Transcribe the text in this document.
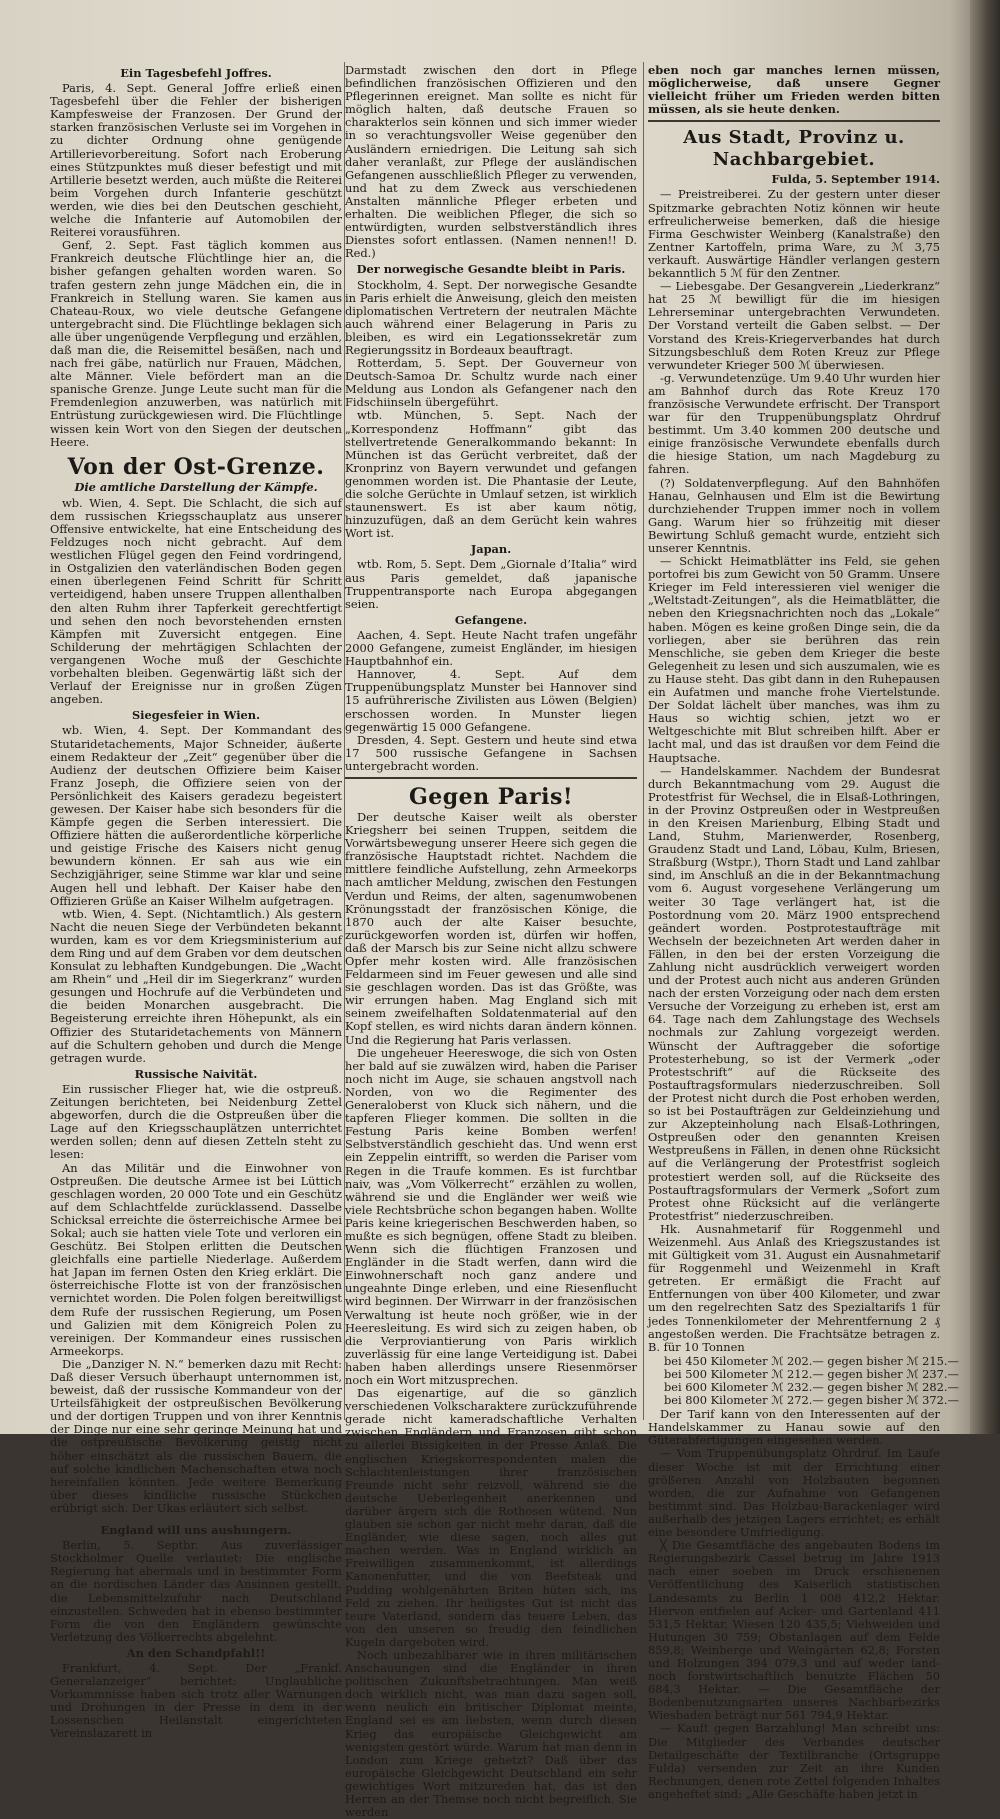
Ein Tagesbefehl Joffres.

Paris, 4. Sept. General Joffre erließ einen Tagesbefehl über die Fehler der bisherigen Kampfesweise der Franzosen. Der Grund der starken französischen Verluste sei im Vorgehen in zu dichter Ordnung ohne genügende Artillerievorbereitung. Sofort nach Eroberung eines Stützpunktes muß dieser befestigt und mit Artillerie besetzt werden, auch müßte die Reiterei beim Vorgehen durch Infanterie geschützt werden, wie dies bei den Deutschen geschieht, welche die Infanterie auf Automobilen der Reiterei vorausführen.

Genf, 2. Sept. Fast täglich kommen aus Frankreich deutsche Flüchtlinge hier an, die bisher gefangen gehalten worden waren. So trafen gestern zehn junge Mädchen ein, die in Frankreich in Stellung waren. Sie kamen aus Chateau-Roux, wo viele deutsche Gefangene untergebracht sind. Die Flüchtlinge beklagen sich alle über ungenügende Verpflegung und erzählen, daß man die, die Reisemittel besäßen, nach und nach frei gäbe, natürlich nur Frauen, Mädchen, alte Männer. Viele befördert man an die spanische Grenze. Junge Leute sucht man für die Fremdenlegion anzuwerben, was natürlich mit Entrüstung zurückgewiesen wird. Die Flüchtlinge wissen kein Wort von den Siegen der deutschen Heere.

Von der Ost-Grenze.
Die amtliche Darstellung der Kämpfe.

wb. Wien, 4. Sept. Die Schlacht, die sich auf dem russischen Kriegsschauplatz aus unserer Offensive entwickelte, hat eine Entscheidung des Feldzuges noch nicht gebracht. Auf dem westlichen Flügel gegen den Feind vordringend, in Ostgalizien den vaterländischen Boden gegen einen überlegenen Feind Schritt für Schritt verteidigend, haben unsere Truppen allenthalben den alten Ruhm ihrer Tapferkeit gerechtfertigt und sehen den noch bevorstehenden ernsten Kämpfen mit Zuversicht entgegen. Eine Schilderung der mehrtägigen Schlachten der vergangenen Woche muß der Geschichte vorbehalten bleiben. Gegenwärtig läßt sich der Verlauf der Ereignisse nur in großen Zügen angeben.

Siegesfeier in Wien.

wb. Wien, 4. Sept. Der Kommandant des Stutaridetachements, Major Schneider, äußerte einem Redakteur der „Zeit“ gegenüber über die Audienz der deutschen Offiziere beim Kaiser Franz Joseph, die Offiziere seien von der Persönlichkeit des Kaisers geradezu begeistert gewesen. Der Kaiser habe sich besonders für die Kämpfe gegen die Serben interessiert. Die Offiziere hätten die außerordentliche körperliche und geistige Frische des Kaisers nicht genug bewundern können. Er sah aus wie ein Sechzigjähriger, seine Stimme war klar und seine Augen hell und lebhaft. Der Kaiser habe den Offizieren Grüße an Kaiser Wilhelm aufgetragen.

wtb. Wien, 4. Sept. (Nichtamtlich.) Als gestern Nacht die neuen Siege der Verbündeten bekannt wurden, kam es vor dem Kriegsministerium auf dem Ring und auf dem Graben vor dem deutschen Konsulat zu lebhaften Kundgebungen. Die „Wacht am Rhein“ und „Heil dir im Siegerkranz“ wurden gesungen und Hochrufe auf die Verbündeten und die beiden Monarchen ausgebracht. Die Begeisterung erreichte ihren Höhepunkt, als ein Offizier des Stutaridetachements von Männern auf die Schultern gehoben und durch die Menge getragen wurde.

Russische Naivität.

Ein russischer Flieger hat, wie die ostpreuß. Zeitungen berichteten, bei Neidenburg Zettel abgeworfen, durch die die Ostpreußen über die Lage auf den Kriegsschauplätzen unterrichtet werden sollen; denn auf diesen Zetteln steht zu lesen:

An das Militär und die Einwohner von Ostpreußen. Die deutsche Armee ist bei Lüttich geschlagen worden, 20 000 Tote und ein Geschütz auf dem Schlachtfelde zurücklassend. Dasselbe Schicksal erreichte die österreichische Armee bei Sokal; auch sie hatten viele Tote und verloren ein Geschütz. Bei Stolpen erlitten die Deutschen gleichfalls eine partielle Niederlage. Außerdem hat Japan im fernen Osten den Krieg erklärt. Die österreichische Flotte ist von der französischen vernichtet worden. Die Polen folgen bereitwilligst dem Rufe der russischen Regierung, um Posen und Galizien mit dem Königreich Polen zu vereinigen. Der Kommandeur eines russischen Armeekorps.

Die „Danziger N. N.“ bemerken dazu mit Recht: Daß dieser Versuch überhaupt unternommen ist, beweist, daß der russische Kommandeur von der Urteilsfähigkeit der ostpreußischen Bevölkerung und der dortigen Truppen und von ihrer Kenntnis der Dinge nur eine sehr geringe Meinung hat und die ostpreußische Bevölkerung geistig nicht höher einschätzt als die russischen Bauern, die auf solche kindlichen Machenschaften etwa noch hereinfallen könnten. Jede weitere Bemerkung über dieses kindliche russische Stückchen erübrigt sich. Der Ukas erläutert sich selbst.

England will uns aushungern.

Berlin, 5. Septbr. Aus zuverlässiger Stockholmer Quelle verlautet: Die englische Regierung hat abermals und in bestimmter Form an die nordischen Länder das Ansinnen gestellt, die Lebensmittelzufuhr nach Deutschland einzustellen. Schweden hat in ebenso bestimmter Form die von den Engländern gewünschte Verletzung des Völkerrechts abgelehnt.

An den Schandpfahl!!

Frankfurt, 4. Sept. Der „Frankf. Generalanzeiger“ berichtet: Unglaubliche Vorkommnisse haben sich trotz aller Warnungen und Drohungen in der Presse in dem in der Lossenschen Heilanstalt eingerichteten Vereinslazarett in

Darmstadt zwischen den dort in Pflege befindlichen französischen Offizieren und den Pflegerinnen ereignet. Man sollte es nicht für möglich halten, daß deutsche Frauen so charakterlos sein können und sich immer wieder in so verachtungsvoller Weise gegenüber den Ausländern erniedrigen. Die Leitung sah sich daher veranlaßt, zur Pflege der ausländischen Gefangenen ausschließlich Pfleger zu verwenden, und hat zu dem Zweck aus verschiedenen Anstalten männliche Pfleger erbeten und erhalten. Die weiblichen Pfleger, die sich so entwürdigten, wurden selbstverständlich ihres Dienstes sofort entlassen. (Namen nennen!! D. Red.)

Der norwegische Gesandte bleibt in Paris.

Stockholm, 4. Sept. Der norwegische Gesandte in Paris erhielt die Anweisung, gleich den meisten diplomatischen Vertretern der neutralen Mächte auch während einer Belagerung in Paris zu bleiben, es wird ein Legationssekretär zum Regierungssitz in Bordeaux beauftragt.

Rotterdam, 5. Sept. Der Gouverneur von Deutsch-Samoa Dr. Schultz wurde nach einer Meldung aus London als Gefangener nach den Fidschiinseln übergeführt.

wtb. München, 5. Sept. Nach der „Korrespondenz Hoffmann“ gibt das stellvertretende Generalkommando bekannt: In München ist das Gerücht verbreitet, daß der Kronprinz von Bayern verwundet und gefangen genommen worden ist. Die Phantasie der Leute, die solche Gerüchte in Umlauf setzen, ist wirklich staunenswert. Es ist aber kaum nötig, hinzuzufügen, daß an dem Gerücht kein wahres Wort ist.

Japan.

wtb. Rom, 5. Sept. Dem „Giornale d’Italia“ wird aus Paris gemeldet, daß japanische Truppentransporte nach Europa abgegangen seien.

Gefangene.

Aachen, 4. Sept. Heute Nacht trafen ungefähr 2000 Gefangene, zumeist Engländer, im hiesigen Hauptbahnhof ein.

Hannover, 4. Sept. Auf dem Truppenübungsplatz Munster bei Hannover sind 15 aufrührerische Zivilisten aus Löwen (Belgien) erschossen worden. In Munster liegen gegenwärtig 15 000 Gefangene.

Dresden, 4. Sept. Gestern und heute sind etwa 17 500 russische Gefangene in Sachsen untergebracht worden.

Gegen Paris!

Der deutsche Kaiser weilt als oberster Kriegsherr bei seinen Truppen, seitdem die Vorwärtsbewegung unserer Heere sich gegen die französische Hauptstadt richtet. Nachdem die mittlere feindliche Aufstellung, zehn Armeekorps nach amtlicher Meldung, zwischen den Festungen Verdun und Reims, der alten, sagenumwobenen Krönungsstadt der französischen Könige, die 1870 auch der alte Kaiser besuchte, zurückgeworfen worden ist, dürfen wir hoffen, daß der Marsch bis zur Seine nicht allzu schwere Opfer mehr kosten wird. Alle französischen Feldarmeen sind im Feuer gewesen und alle sind sie geschlagen worden. Das ist das Größte, was wir errungen haben. Mag England sich mit seinem zweifelhaften Soldatenmaterial auf den Kopf stellen, es wird nichts daran ändern können. Und die Regierung hat Paris verlassen.

Die ungeheuer Heereswoge, die sich von Osten her bald auf sie zuwälzen wird, haben die Pariser noch nicht im Auge, sie schauen angstvoll nach Norden, von wo die Regimenter des Generaloberst von Kluck sich nähern, und die tapferen Flieger kommen. Die sollten in die Festung Paris keine Bomben werfen! Selbstverständlich geschieht das. Und wenn erst ein Zeppelin eintrifft, so werden die Pariser vom Regen in die Traufe kommen. Es ist furchtbar naiv, was „Vom Völkerrecht“ erzählen zu wollen, während sie und die Engländer wer weiß wie viele Rechtsbrüche schon begangen haben. Wollte Paris keine kriegerischen Beschwerden haben, so mußte es sich begnügen, offene Stadt zu bleiben. Wenn sich die flüchtigen Franzosen und Engländer in die Stadt werfen, dann wird die Einwohnerschaft noch ganz andere und ungeahnte Dinge erleben, und eine Riesenflucht wird beginnen. Der Wirrwarr in der französischen Verwaltung ist heute noch größer, wie in der Heeresleitung. Es wird sich zu zeigen haben, ob die Verproviantierung von Paris wirklich zuverlässig für eine lange Verteidigung ist. Dabei haben haben allerdings unsere Riesenmörser noch ein Wort mitzusprechen.

Das eigenartige, auf die so gänzlich verschiedenen Volkscharaktere zurückzuführende gerade nicht kameradschaftliche Verhalten zwischen Engländern und Franzosen gibt schon zu allerlei Bissigkeiten in der Presse Anlaß. Die englischen Kriegskorrespondenten malen die Schlachtenleistungen ihrer französischen Freunde nicht sehr reizvoll, während sie die deutsche Ueberlegenheit anerkennen und darüber ärgern sich die Rothosen wütend. Nun glauben sie schon gar nicht mehr daran, daß die Engländer, wie diese sagen, noch alles gut machen werden. Was in England wirklich an Freiwilligen zusammenkommt, ist allerdings Kanonenfutter, und die von Beefsteak und Pudding wohlgenährten Briten hüten sich, ins Feld zu ziehen. Ihr heiligstes Gut ist nicht das teure Vaterland, sondern das teuere Leben, das von den unseren so freudig den feindlichen Kugeln dargeboten wird.

Noch unbezahlbarer wie in ihren militärischen Anschauungen sind die Engländer in ihren politischen Zukunftsbetrachtungen. Man weiß doch wirklich nicht, was man dazu sagen soll, wenn neulich ein britischer Diplomat meinte, England sei es am liebsten, wenn durch diesen Krieg das europäische Gleichgewicht am wenigsten gestört würde. Warum hat man denn in London zum Kriege gehetzt? Daß über das europäische Gleichgewicht Deutschland ein sehr gewichtiges Wort mitzureden hat, das ist den Herren an der Themse noch nicht begreiflich. Sie werden

eben noch gar manches lernen müssen, möglicherweise, daß unsere Gegner vielleicht früher um Frieden werden bitten müssen, als sie heute denken.

Aus Stadt, Provinz u. Nachbargebiet.
Fulda, 5. September 1914.

— Preistreiberei. Zu der gestern unter dieser Spitzmarke gebrachten Notiz können wir heute erfreulicherweise bemerken, daß die hiesige Firma Geschwister Weinberg (Kanalstraße) den Zentner Kartoffeln, prima Ware, zu ℳ 3,75 verkauft. Auswärtige Händler verlangen gestern bekanntlich 5 ℳ für den Zentner.

— Liebesgabe. Der Gesangverein „Liederkranz“ hat 25 ℳ bewilligt für die im hiesigen Lehrerseminar untergebrachten Verwundeten. Der Vorstand verteilt die Gaben selbst. — Der Vorstand des Kreis-Kriegerverbandes hat durch Sitzungsbeschluß dem Roten Kreuz zur Pflege verwundeter Krieger 500 ℳ überwiesen.

-g. Verwundetenzüge. Um 9.40 Uhr wurden hier am Bahnhof durch das Rote Kreuz 170 französische Verwundete erfrischt. Der Transport war für den Truppenübungsplatz Ohrdruf bestimmt. Um 3.40 kommen 200 deutsche und einige französische Verwundete ebenfalls durch die hiesige Station, um nach Magdeburg zu fahren.

(?) Soldatenverpflegung. Auf den Bahnhöfen Hanau, Gelnhausen und Elm ist die Bewirtung durchziehender Truppen immer noch in vollem Gang. Warum hier so frühzeitig mit dieser Bewirtung Schluß gemacht wurde, entzieht sich unserer Kenntnis.

— Schickt Heimatblätter ins Feld, sie gehen portofrei bis zum Gewicht von 50 Gramm. Unsere Krieger im Feld interessieren viel weniger die „Weltstadt-Zeitungen“, als die Heimatblätter, die neben den Kriegsnachrichten noch das „Lokale“ haben. Mögen es keine großen Dinge sein, die da vorliegen, aber sie berühren das rein Menschliche, sie geben dem Krieger die beste Gelegenheit zu lesen und sich auszumalen, wie es zu Hause steht. Das gibt dann in den Ruhepausen ein Aufatmen und manche frohe Viertelstunde. Der Soldat lächelt über manches, was ihm zu Haus so wichtig schien, jetzt wo er Weltgeschichte mit Blut schreiben hilft. Aber er lacht mal, und das ist draußen vor dem Feind die Hauptsache.

— Handelskammer. Nachdem der Bundesrat durch Bekanntmachung vom 29. August die Protestfrist für Wechsel, die in Elsaß-Lothringen, in der Provinz Ostpreußen oder in Westpreußen in den Kreisen Marienburg, Elbing Stadt und Land, Stuhm, Marienwerder, Rosenberg, Graudenz Stadt und Land, Löbau, Kulm, Briesen, Straßburg (Wstpr.), Thorn Stadt und Land zahlbar sind, im Anschluß an die in der Bekanntmachung vom 6. August vorgesehene Verlängerung um weiter 30 Tage verlängert hat, ist die Postordnung vom 20. März 1900 entsprechend geändert worden. Postprotestaufträge mit Wechseln der bezeichneten Art werden daher in Fällen, in den bei der ersten Vorzeigung die Zahlung nicht ausdrücklich verweigert worden und der Protest auch nicht aus anderen Gründen nach der ersten Vorzeigung oder nach dem ersten Versuche der Vorzeigung zu erheben ist, erst am 64. Tage nach dem Zahlungstage des Wechsels nochmals zur Zahlung vorgezeigt werden. Wünscht der Auftraggeber die sofortige Protesterhebung, so ist der Vermerk „oder Protestschrift“ auf die Rückseite des Postauftragsformulars niederzuschreiben. Soll der Protest nicht durch die Post erhoben werden, so ist bei Postaufträgen zur Geldeinziehung und zur Akzepteinholung nach Elsaß-Lothringen, Ostpreußen oder den genannten Kreisen Westpreußens in Fällen, in denen ohne Rücksicht auf die Verlängerung der Protestfrist sogleich protestiert werden soll, auf die Rückseite des Postauftragsformulars der Vermerk „Sofort zum Protest ohne Rücksicht auf die verlängerte Protestfrist“ niederzuschreiben.

Hk. Ausnahmetarif für Roggenmehl und Weizenmehl. Aus Anlaß des Kriegszustandes ist mit Gültigkeit vom 31. August ein Ausnahmetarif für Roggenmehl und Weizenmehl in Kraft getreten. Er ermäßigt die Fracht auf Entfernungen von über 400 Kilometer, und zwar um den regelrechten Satz des Spezialtarifs 1 für jedes Tonnenkilometer der Mehrentfernung 2 ₰ angestoßen werden. Die Frachtsätze betragen z. B. für 10 Tonnen

bei 450 Kilometer ℳ 202.— gegen bisher ℳ 215.—
bei 500 Kilometer ℳ 212.— gegen bisher ℳ 237.—
bei 600 Kilometer ℳ 232.— gegen bisher ℳ 282.—
bei 800 Kilometer ℳ 272.— gegen bisher ℳ 372.—

Der Tarif kann von den Interessenten auf der Handelskammer zu Hanau sowie auf den Güterabfertigungen eingesehen werden.

— Vom Truppenübungsplatz Ohrdruf. Im Laufe dieser Woche ist mit der Errichtung einer größeren Anzahl von Holzbauten begonnen worden, die zur Aufnahme von Gefangenen bestimmt sind. Das Holzbau-Barackenlager wird außerhalb des jetzigen Lagers errichtet; es erhält eine besondere Umfriedigung.

╳ Die Gesamtfläche des angebauten Bodens im Regierungsbezirk Cassel betrug im Jahre 1913 nach einer soeben im Druck erschienenen Veröffentlichung des Kaiserlich statistischen Landesamts zu Berlin 1 008 412,2 Hektar. Hiervon entfielen auf Acker- und Gartenland 411 531,5 Hektar, Wiesen 120 435,5; Viehweiden und Hutungen 30 759; Obstanlagen auf dem Felde 859,8; Weinberge und Weingärten 62,8; Forsten und Holzungen 394 079,3 und auf weder land- noch forstwirtschaftlich benutzte Flächen 50 684,3 Hektar. — Die Gesamtfläche der Bodenbenutzungsarten unseres Nachbarbezirks Wiesbaden beträgt nur 561 794,9 Hektar.

— Kauft gegen Barzahlung! Man schreibt uns: Die Mitglieder des Verbandes deutscher Detailgeschäfte der Textilbranche (Ortsgruppe Fulda) versenden zur Zeit an ihre Kunden Rechnungen, denen rote Zettel folgenden Inhaltes angeheftet sind: „Alle Geschäfte haben jetzt in
